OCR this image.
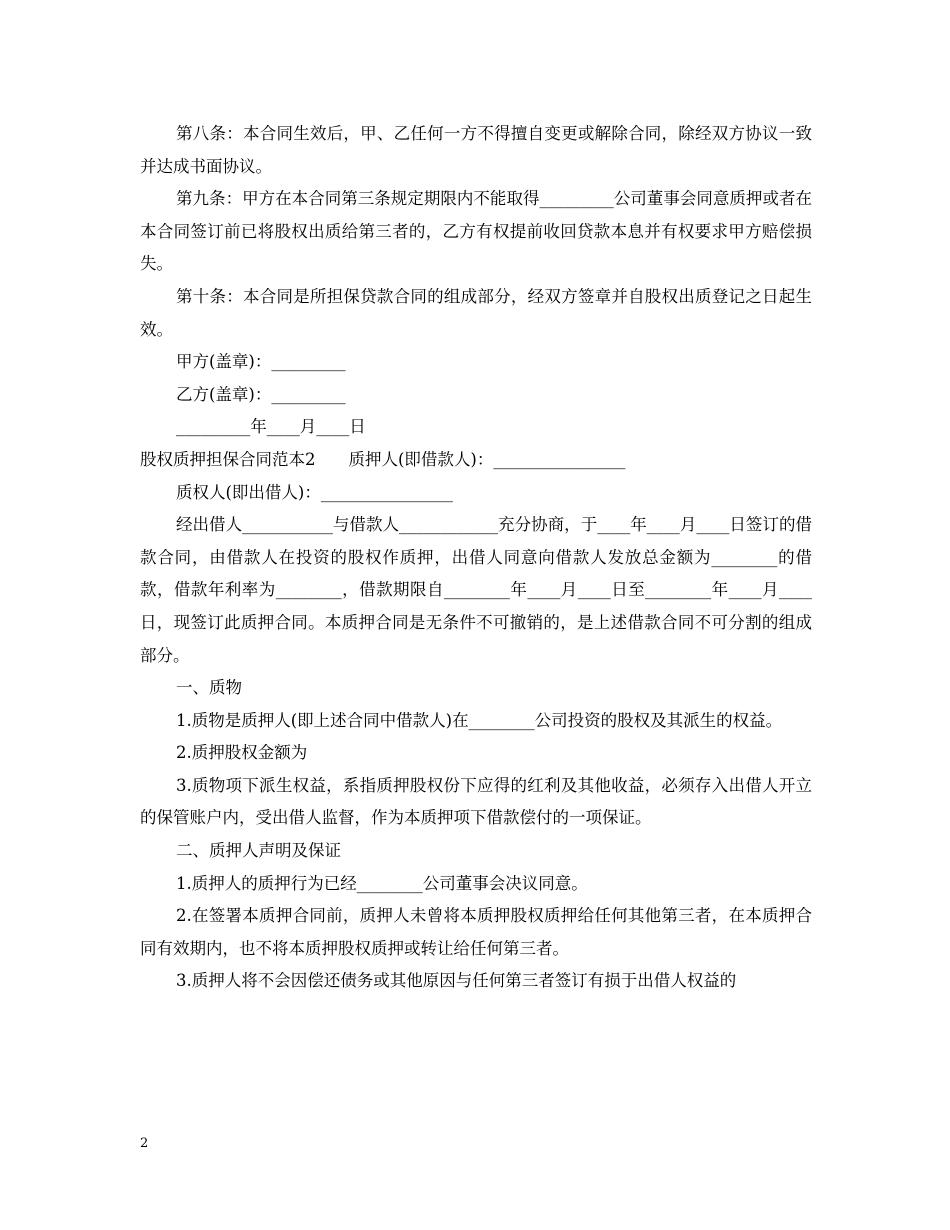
第八条：本合同生效后，甲、乙任何一方不得擅自变更或解除合同，除经双方协议一致并达成书面协议。

第九条：甲方在本合同第三条规定期限内不能取得_________公司董事会同意质押或者在本合同签订前已将股权出质给第三者的，乙方有权提前收回贷款本息并有权要求甲方赔偿损失。

第十条：本合同是所担保贷款合同的组成部分，经双方签章并自股权出质登记之日起生效。

甲方(盖章)：_________

乙方(盖章)：_________

_________年____月____日

股权质押担保合同范本2　　质押人(即借款人)：________________

质权人(即出借人)：________________

经出借人___________与借款人____________充分协商，于____年____月____日签订的借款合同，由借款人在投资的股权作质押，出借人同意向借款人发放总金额为________的借款，借款年利率为________，借款期限自________年____月____日至________年____月____日，现签订此质押合同。本质押合同是无条件不可撤销的，是上述借款合同不可分割的组成部分。

一、质物

1.质物是质押人(即上述合同中借款人)在________公司投资的股权及其派生的权益。

2.质押股权金额为

3.质物项下派生权益，系指质押股权份下应得的红利及其他收益，必须存入出借人开立的保管账户内，受出借人监督，作为本质押项下借款偿付的一项保证。

二、质押人声明及保证

1.质押人的质押行为已经________公司董事会决议同意。

2.在签署本质押合同前，质押人未曾将本质押股权质押给任何其他第三者，在本质押合同有效期内，也不将本质押股权质押或转让给任何第三者。

3.质押人将不会因偿还债务或其他原因与任何第三者签订有损于出借人权益的

2
